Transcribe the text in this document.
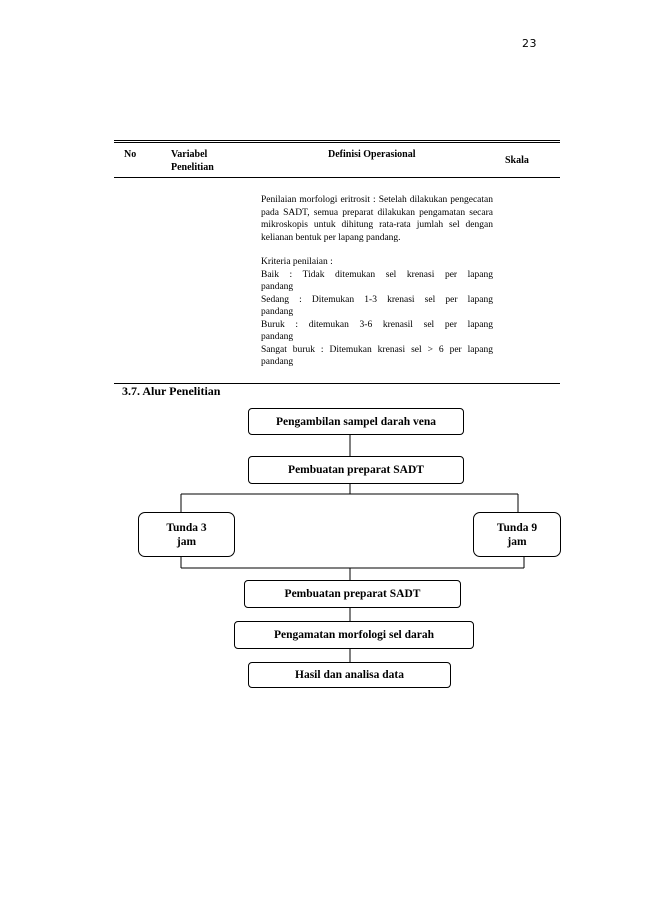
23
No	Variabel
Penelitian
Definisi Operasional
Skala

Penilaian morfologi eritrosit : Setelah dilakukan pengecatan pada SADT, semua preparat dilakukan pengamatan secara mikroskopis untuk dihitung rata-rata jumlah sel dengan kelianan bentuk per lapang pandang.

Kriteria penilaian :

Baik : Tidak ditemukan sel krenasi per lapang
pandang
Sedang : Ditemukan 1-3 krenasi sel per lapang
pandang
Buruk : ditemukan 3-6 krenasil sel per lapang
pandang
Sangat buruk : Ditemukan krenasi sel > 6 per lapang
pandang
3.7. Alur Penelitian
Pengambilan sampel darah vena
Pembuatan preparat SADT
Tunda 3
jam
Tunda 9
jam
Pembuatan preparat SADT
Pengamatan morfologi sel darah
Hasil dan analisa data
